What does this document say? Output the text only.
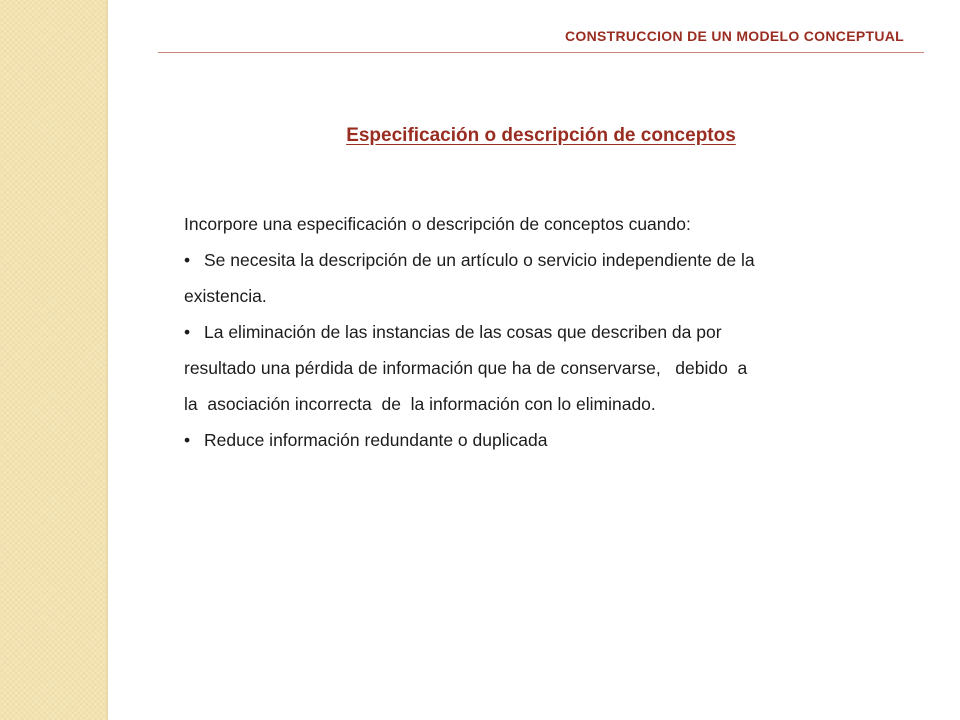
CONSTRUCCION DE UN MODELO CONCEPTUAL
Especificación o descripción de conceptos

Incorpore una especificación o descripción de conceptos cuando:

• Se necesita la descripción de un artículo o servicio independiente de la

existencia.

• La eliminación de las instancias de las cosas que describen da por

resultado una pérdida de información que ha de conservarse,   debido  a

la  asociación incorrecta  de  la información con lo eliminado.

• Reduce información redundante o duplicada
